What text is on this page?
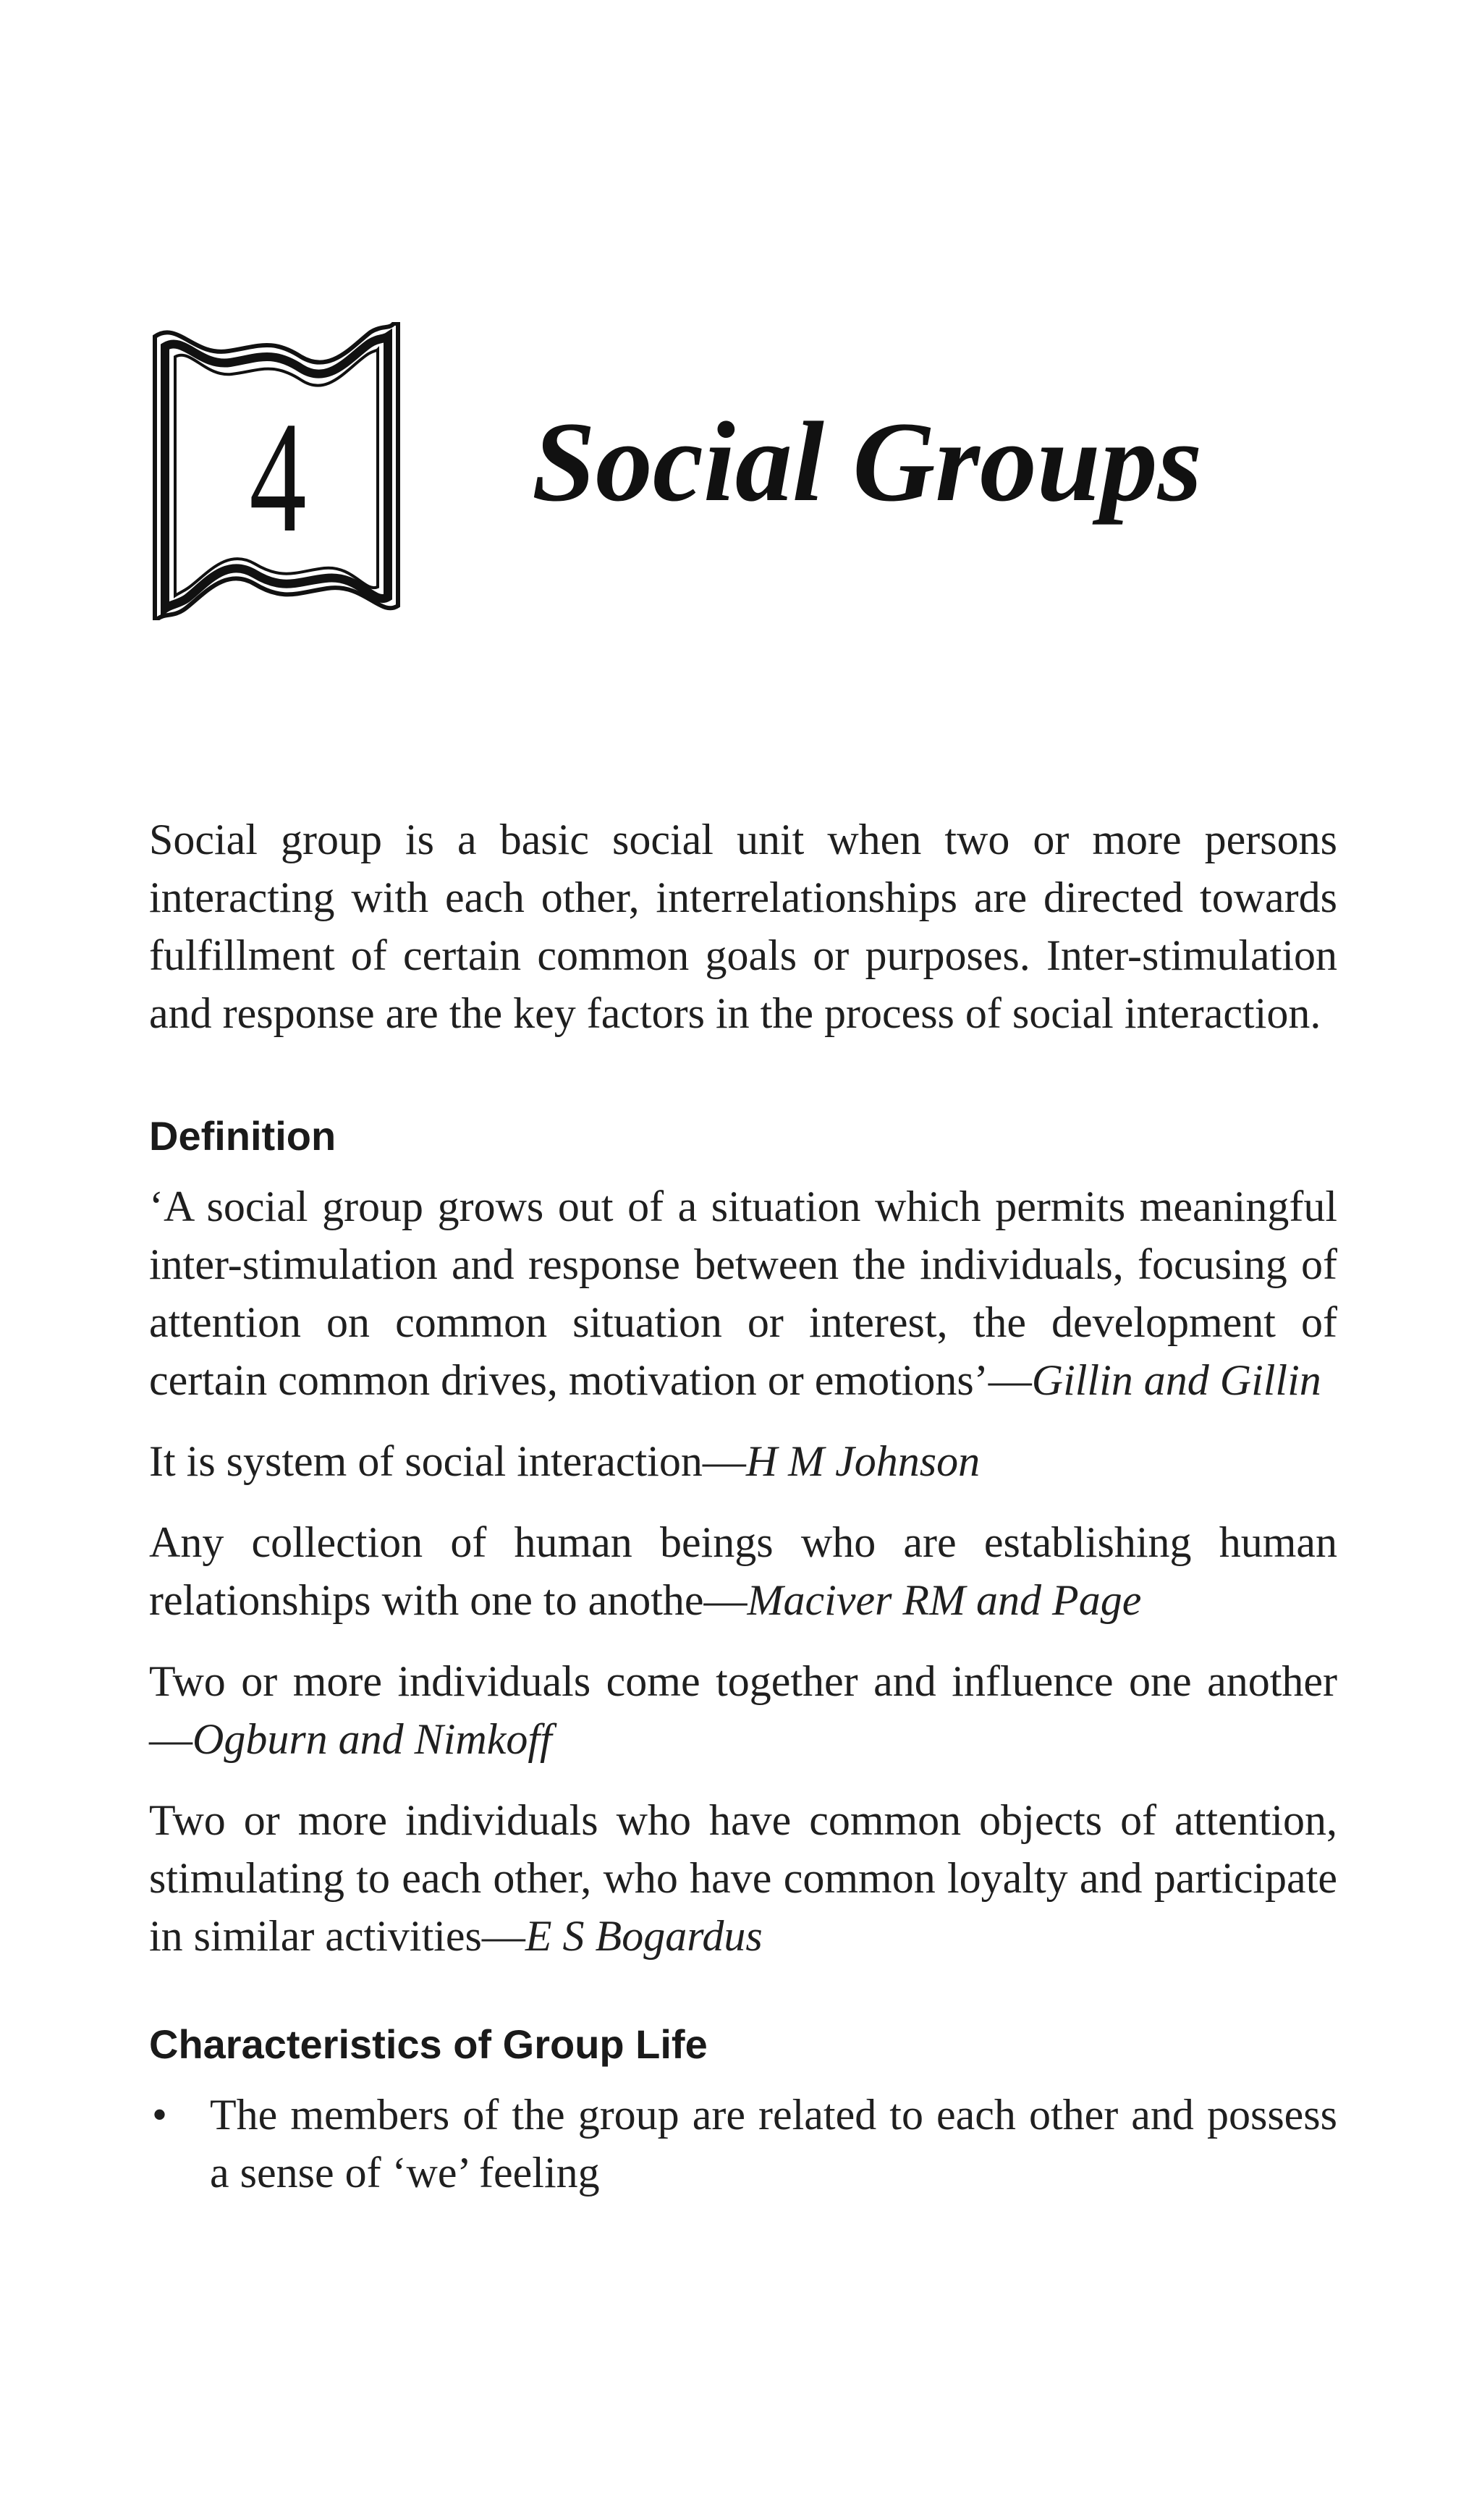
4	Social Groups

Social group is a basic social unit when two or more persons interacting with each other, interrelationships are directed towards fulfillment of certain common goals or purposes. Inter-stimulation and response are the key factors in the process of social interaction.

Definition

‘A social group grows out of a situation which permits meaningful inter-stimulation and response between the individuals, focusing of attention on common situation or interest, the development of certain common drives, motivation or emotions’—Gillin and Gillin

It is system of social interaction—H M Johnson

Any collection of human beings who are establishing human relationships with one to anothe—Maciver RM and Page

Two or more individuals come together and influence one another—Ogburn and Nimkoff

Two or more individuals who have common objects of attention, stimulating to each other, who have common loyalty and participate in similar activities—E S Bogardus

Characteristics of Group Life
• The members of the group are related to each other and possess a sense of ‘we’ feeling
